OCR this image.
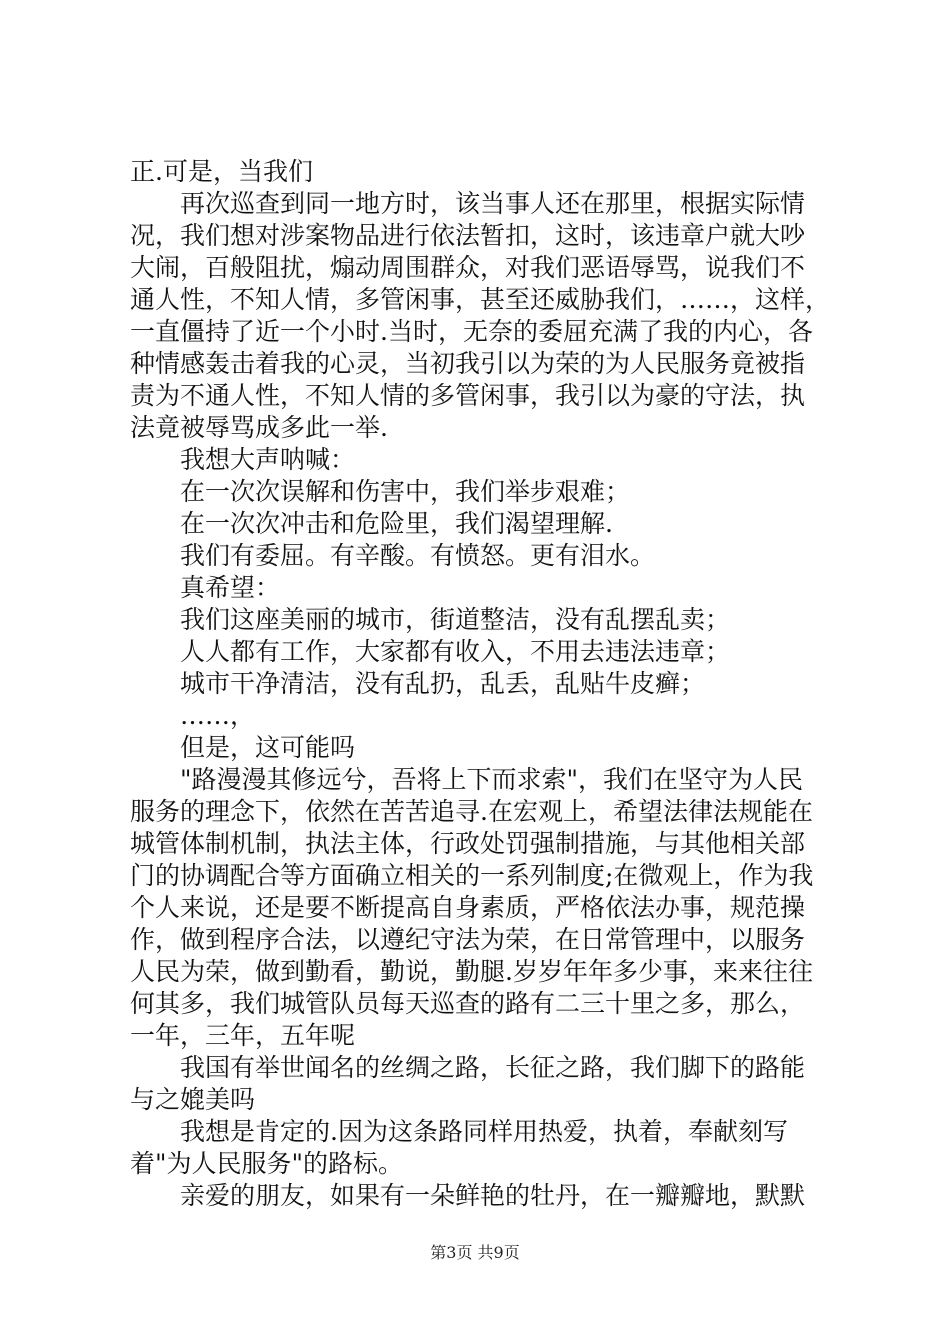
正.可是，当我们
再次巡查到同一地方时，该当事人还在那里，根据实际情
况，我们想对涉案物品进行依法暂扣，这时，该违章户就大吵
大闹，百般阻扰，煽动周围群众，对我们恶语辱骂，说我们不
通人性，不知人情，多管闲事，甚至还威胁我们，……，这样，
一直僵持了近一个小时.当时，无奈的委屈充满了我的内心，各
种情感轰击着我的心灵，当初我引以为荣的为人民服务竟被指
责为不通人性，不知人情的多管闲事，我引以为豪的守法，执
法竟被辱骂成多此一举.
我想大声呐喊：
在一次次误解和伤害中，我们举步艰难；
在一次次冲击和危险里，我们渴望理解.
我们有委屈。有辛酸。有愤怒。更有泪水。
真希望：
我们这座美丽的城市，街道整洁，没有乱摆乱卖；
人人都有工作，大家都有收入，不用去违法违章；
城市干净清洁，没有乱扔，乱丢，乱贴牛皮癣；
……，
但是，这可能吗
"路漫漫其修远兮，吾将上下而求索"，我们在坚守为人民
服务的理念下，依然在苦苦追寻.在宏观上，希望法律法规能在
城管体制机制，执法主体，行政处罚强制措施，与其他相关部
门的协调配合等方面确立相关的一系列制度;在微观上，作为我
个人来说，还是要不断提高自身素质，严格依法办事，规范操
作，做到程序合法，以遵纪守法为荣，在日常管理中，以服务
人民为荣，做到勤看，勤说，勤腿.岁岁年年多少事，来来往往
何其多，我们城管队员每天巡查的路有二三十里之多，那么，
一年，三年，五年呢
我国有举世闻名的丝绸之路，长征之路，我们脚下的路能
与之媲美吗
我想是肯定的.因为这条路同样用热爱，执着，奉献刻写
着"为人民服务"的路标。
亲爱的朋友，如果有一朵鲜艳的牡丹，在一瓣瓣地，默默
第3页 共9页
